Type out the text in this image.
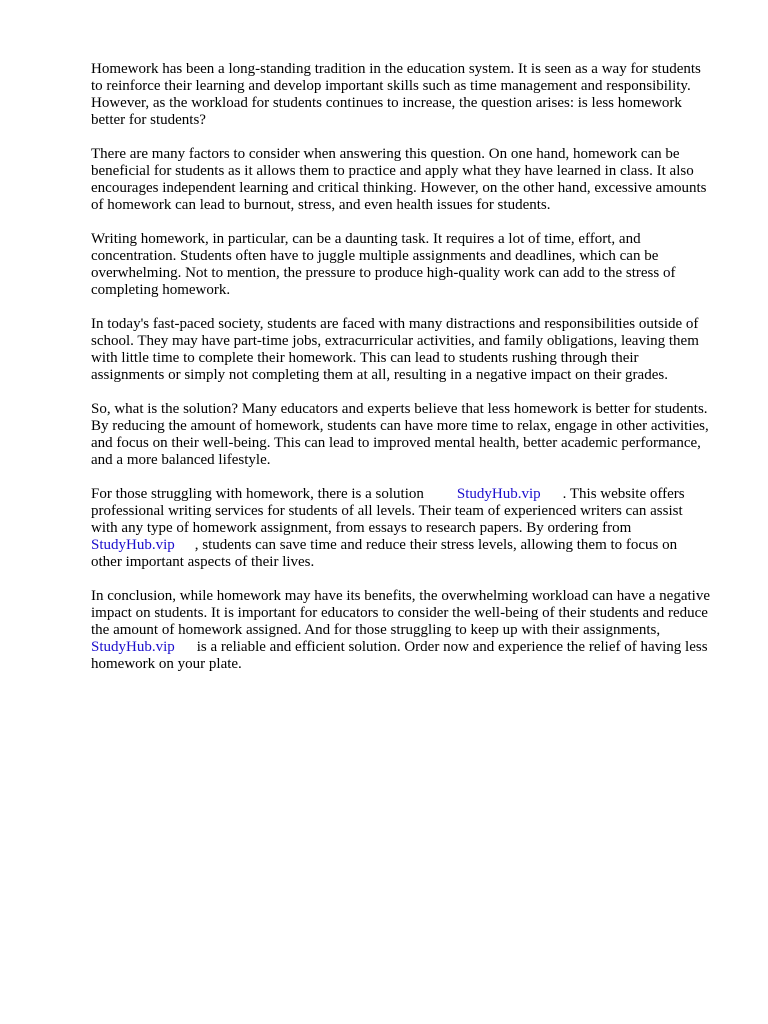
Homework has been a long-standing tradition in the education system. It is seen as a way for students to reinforce their learning and develop important skills such as time management and responsibility. However, as the workload for students continues to increase, the question arises: is less homework better for students?

There are many factors to consider when answering this question. On one hand, homework can be beneficial for students as it allows them to practice and apply what they have learned in class. It also encourages independent learning and critical thinking. However, on the other hand, excessive amounts of homework can lead to burnout, stress, and even health issues for students.

Writing homework, in particular, can be a daunting task. It requires a lot of time, effort, and concentration. Students often have to juggle multiple assignments and deadlines, which can be overwhelming. Not to mention, the pressure to produce high-quality work can add to the stress of completing homework.

In today's fast-paced society, students are faced with many distractions and responsibilities outside of school. They may have part-time jobs, extracurricular activities, and family obligations, leaving them with little time to complete their homework. This can lead to students rushing through their assignments or simply not completing them at all, resulting in a negative impact on their grades.

So, what is the solution? Many educators and experts believe that less homework is better for students. By reducing the amount of homework, students can have more time to relax, engage in other activities, and focus on their well-being. This can lead to improved mental health, better academic performance, and a more balanced lifestyle.

For those struggling with homework, there is a solution StudyHub.vip . This website offers professional writing services for students of all levels. Their team of experienced writers can assist with any type of homework assignment, from essays to research papers. By ordering from
StudyHub.vip , students can save time and reduce their stress levels, allowing them to focus on other important aspects of their lives.

In conclusion, while homework may have its benefits, the overwhelming workload can have a negative impact on students. It is important for educators to consider the well-being of their students and reduce the amount of homework assigned. And for those struggling to keep up with their assignments,StudyHub.vip is a reliable and efficient solution. Order now and experience the relief of having less homework on your plate.
